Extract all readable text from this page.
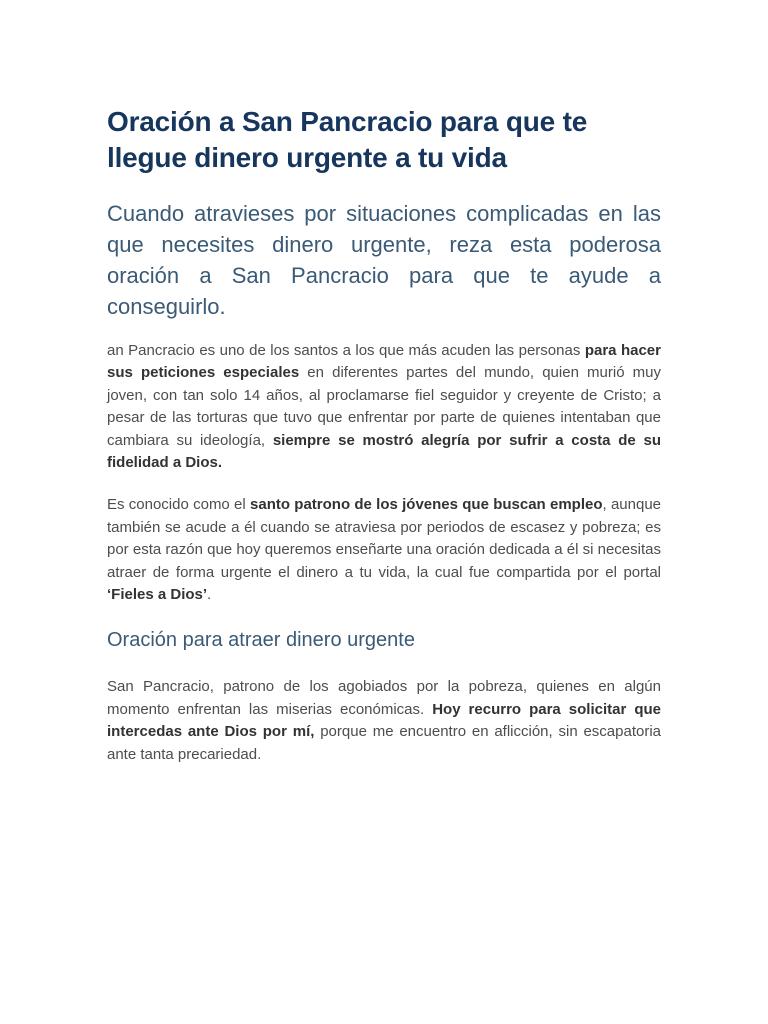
Oración a San Pancracio para que te llegue dinero urgente a tu vida

Cuando atravieses por situaciones complicadas en las que necesites dinero urgente, reza esta poderosa oración a San Pancracio para que te ayude a conseguirlo.

an Pancracio es uno de los santos a los que más acuden las personas para hacer sus peticiones especiales en diferentes partes del mundo, quien murió muy joven, con tan solo 14 años, al proclamarse fiel seguidor y creyente de Cristo; a pesar de las torturas que tuvo que enfrentar por parte de quienes intentaban que cambiara su ideología, siempre se mostró alegría por sufrir a costa de su fidelidad a Dios.

Es conocido como el santo patrono de los jóvenes que buscan empleo, aunque también se acude a él cuando se atraviesa por periodos de escasez y pobreza; es por esta razón que hoy queremos enseñarte una oración dedicada a él si necesitas atraer de forma urgente el dinero a tu vida, la cual fue compartida por el portal ‘Fieles a Dios’.

Oración para atraer dinero urgente

San Pancracio, patrono de los agobiados por la pobreza, quienes en algún momento enfrentan las miserias económicas. Hoy recurro para solicitar que intercedas ante Dios por mí, porque me encuentro en aflicción, sin escapatoria ante tanta precariedad.
